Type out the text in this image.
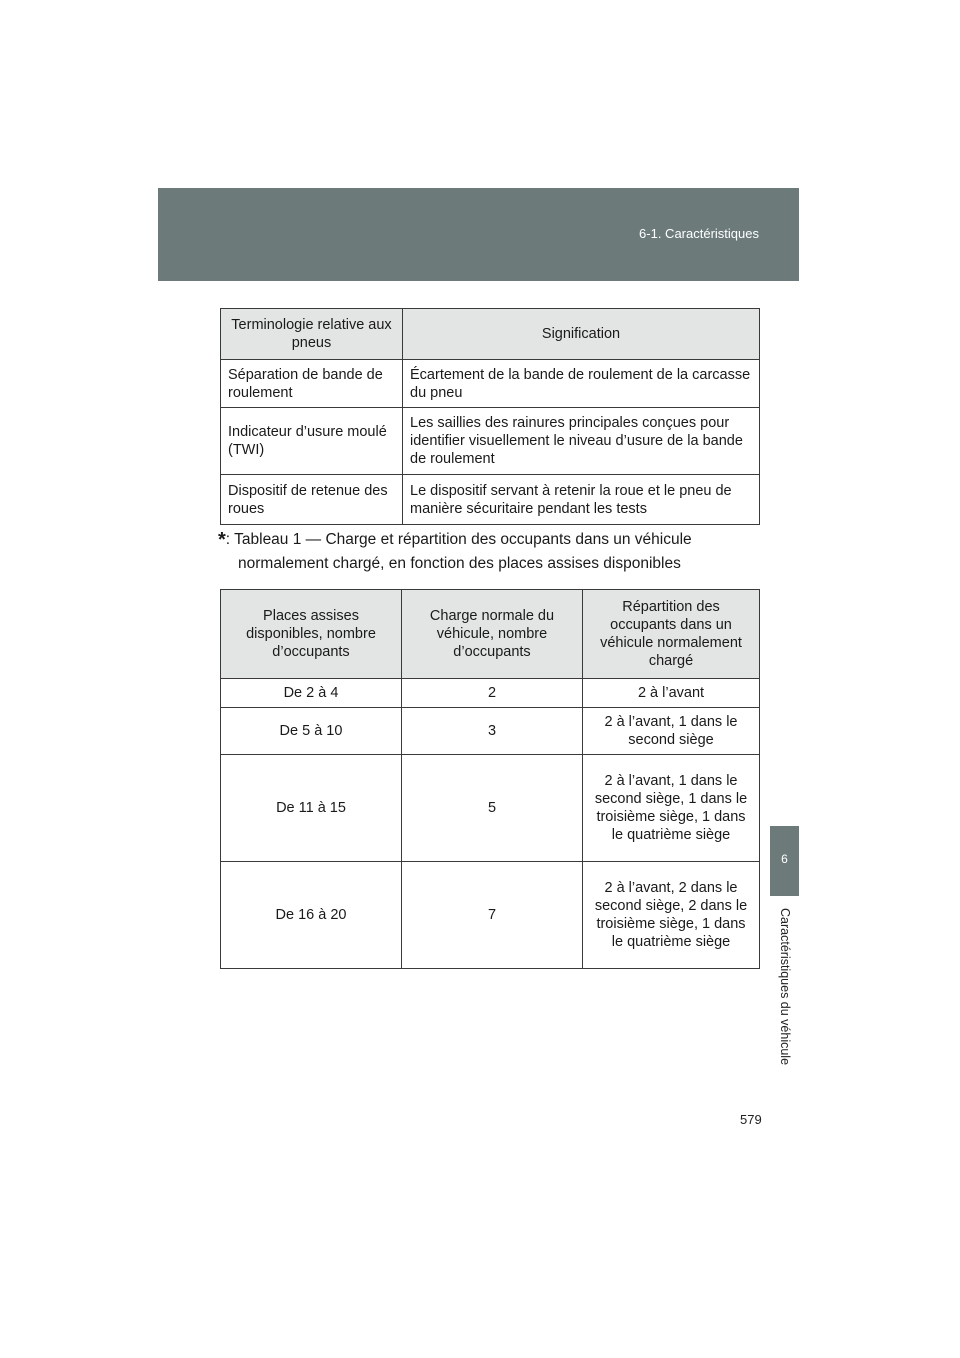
6-1. Caractéristiques
6
Caractéristiques du véhicule
Terminologie relative aux pneus	Signification
Séparation de bande de roulement	Écartement de la bande de roulement de la carcasse du pneu
Indicateur d’usure moulé (TWI)	Les saillies des rainures principales conçues pour identifier visuellement le niveau d’usure de la bande de roulement
Dispositif de retenue des roues	Le dispositif servant à retenir la roue et le pneu de manière sécuritaire pendant les tests
*: Tableau 1 — Charge et répartition des occupants dans un véhicule
normalement chargé, en fonction des places assises disponibles
Places assises disponibles, nombre d’occupants	Charge normale du véhicule, nombre d’occupants	Répartition des occupants dans un véhicule normalement chargé
De 2 à 4	2	2 à l’avant
De 5 à 10	3	2 à l’avant, 1 dans le second siège
De 11 à 15	5	2 à l’avant, 1 dans le second siège, 1 dans le troisième siège, 1 dans le quatrième siège
De 16 à 20	7	2 à l’avant, 2 dans le second siège, 2 dans le troisième siège, 1 dans le quatrième siège
579
